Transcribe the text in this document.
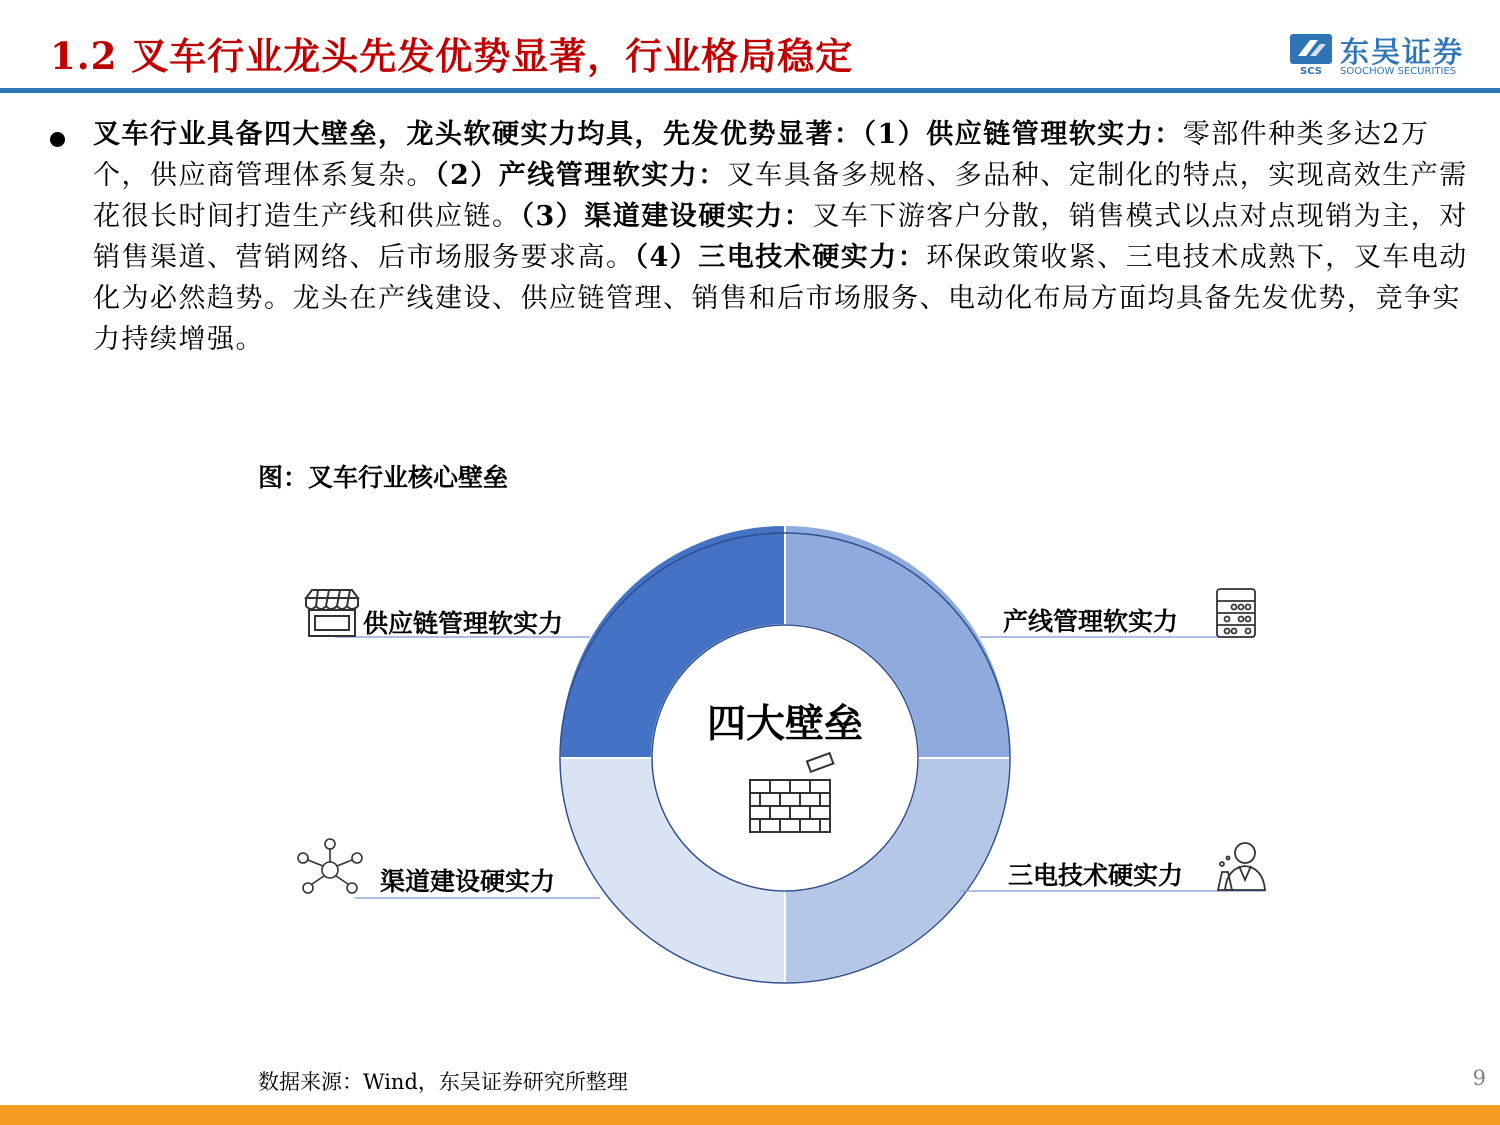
1.2 叉车行业龙头先发优势显著，行业格局稳定	SCS
东吴证券
SOOCHOW SECURITIES
叉车行业具备四大壁垒，龙头软硬实力均具，先发优势显著：（1）供应链管理软实力：零部件种类多达2万个，供应商管理体系复杂。（2）产线管理软实力：叉车具备多规格、多品种、定制化的特点，实现高效生产需花很长时间打造生产线和供应链。（3）渠道建设硬实力：叉车下游客户分散，销售模式以点对点现销为主，对销售渠道、营销网络、后市场服务要求高。（4）三电技术硬实力：环保政策收紧、三电技术成熟下，叉车电动化为必然趋势。龙头在产线建设、供应链管理、销售和后市场服务、电动化布局方面均具备先发优势，竞争实力持续增强。
图：叉车行业核心壁垒
四大壁垒
供应链管理软实力	产线管理软实力
三电技术硬实力
渠道建设硬实力
数据来源：Wind，东吴证券研究所整理	9
